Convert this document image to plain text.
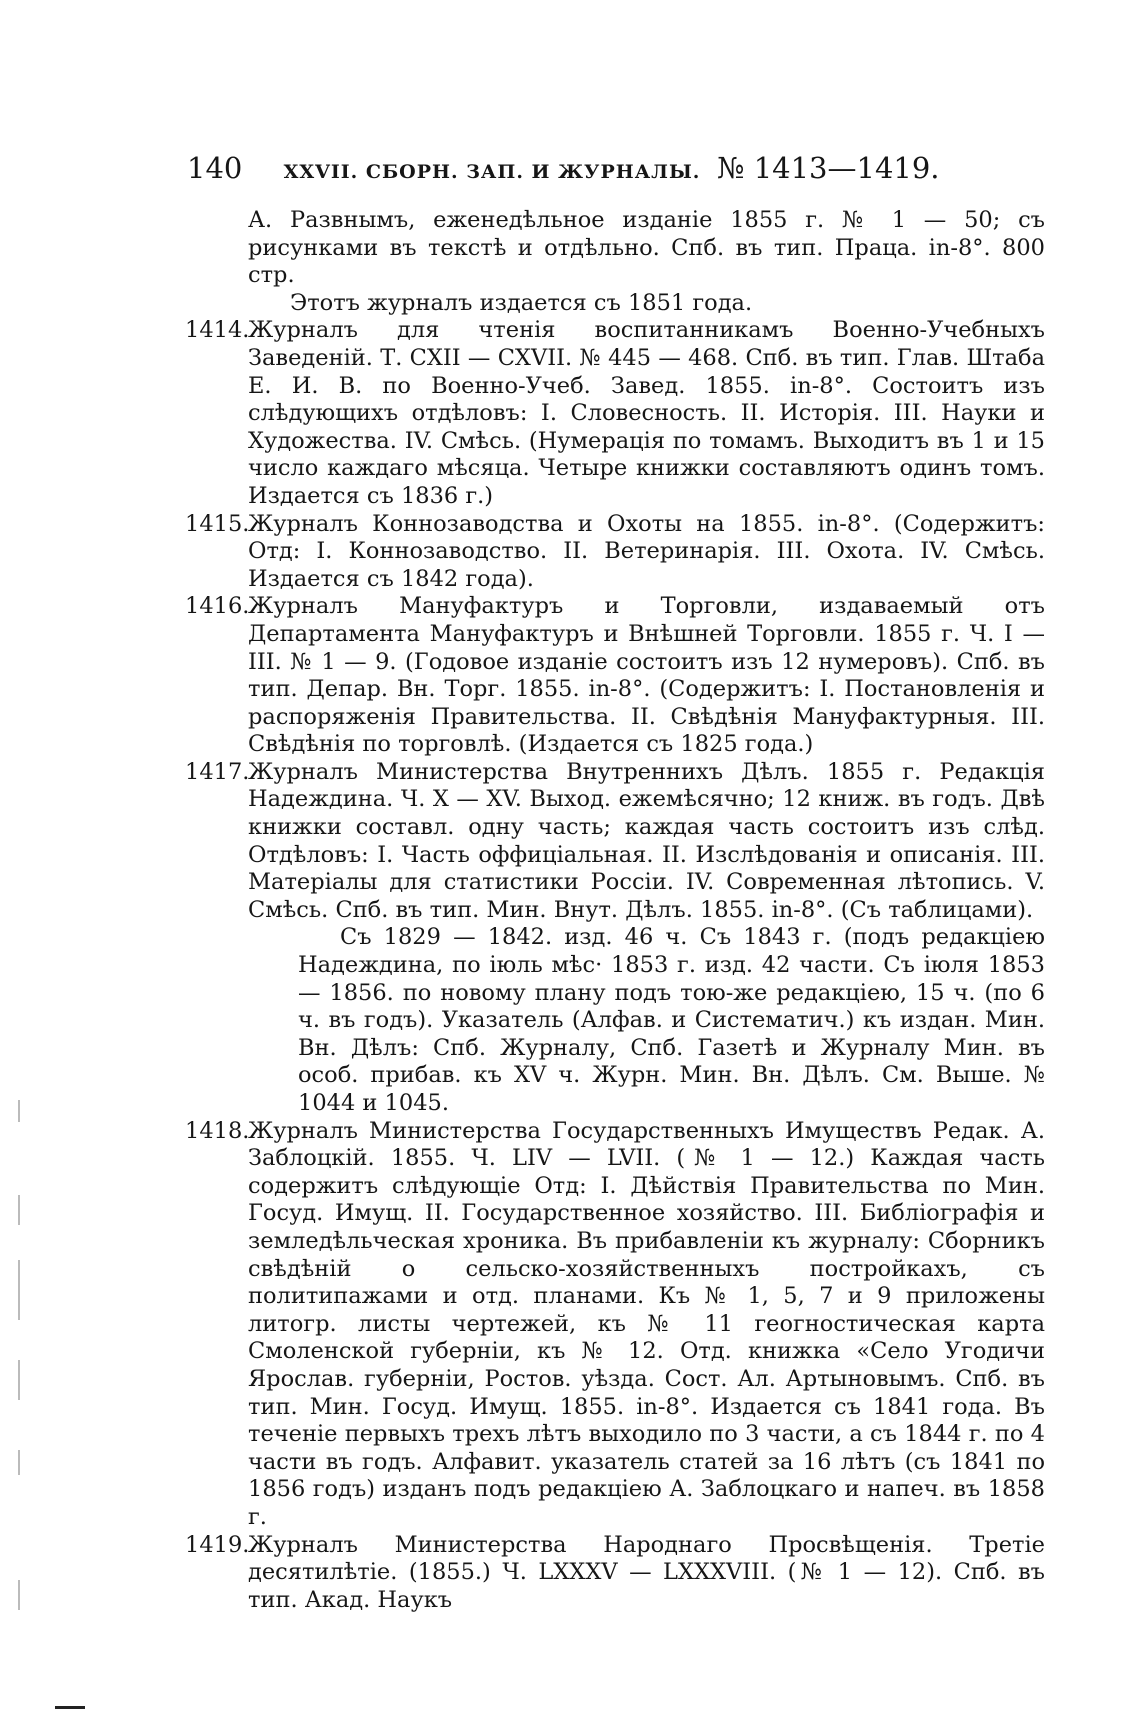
140 XXVII. СБОРН. ЗАП. И ЖУРНАЛЫ. № 1413—1419.

А. Развнымъ, еженедѣльное изданіе 1855 г. № 1 — 50; съ рисунками въ текстѣ и отдѣльно. Спб. въ тип. Праца. in-8°. 800 стр.

Этотъ журналъ издается съ 1851 года.

1414.

Журналъ для чтенія воспитанникамъ Военно-Учебныхъ Заведеній. Т. CXII — CXVII. № 445 — 468. Спб. въ тип. Глав. Штаба Е. И. В. по Военно-Учеб. Завед. 1855. in-8°. Состоитъ изъ слѣдующихъ отдѣловъ: I. Словесность. II. Исторія. III. Науки и Художества. IV. Смѣсь. (Нумерація по томамъ. Выходитъ въ 1 и 15 число каждаго мѣсяца. Четыре книжки составляютъ одинъ томъ. Издается съ 1836 г.)

1415.

Журналъ Коннозаводства и Охоты на 1855. in-8°. (Содержитъ: Отд: I. Коннозаводство. II. Ветеринарія. III. Охота. IV. Смѣсь. Издается съ 1842 года).

1416.

Журналъ Мануфактуръ и Торговли, издаваемый отъ Департамента Мануфактуръ и Внѣшней Торговли. 1855 г. Ч. I — III. № 1 — 9. (Годовое изданіе состоитъ изъ 12 нумеровъ). Спб. въ тип. Депар. Вн. Торг. 1855. in-8°. (Содержитъ: I. Постановленія и распоряженія Правительства. II. Свѣдѣнія Мануфактурныя. III. Свѣдѣнія по торговлѣ. (Издается съ 1825 года.)

1417.

Журналъ Министерства Внутреннихъ Дѣлъ. 1855 г. Редакція Надеждина. Ч. X — XV. Выход. ежемѣсячно; 12 книж. въ годъ. Двѣ книжки составл. одну часть; каждая часть состоитъ изъ слѣд. Отдѣловъ: I. Часть оффиціальная. II. Изслѣдованія и описанія. III. Матеріалы для статистики Россіи. IV. Современная лѣтопись. V. Смѣсь. Спб. въ тип. Мин. Внут. Дѣлъ. 1855. in-8°. (Съ таблицами).

Съ 1829 — 1842. изд. 46 ч. Съ 1843 г. (подъ редакціею Надеждина, по іюль мѣс· 1853 г. изд. 42 части. Съ іюля 1853 — 1856. по новому плану подъ тою-же редакціею, 15 ч. (по 6 ч. въ годъ). Указатель (Алфав. и Систематич.) къ издан. Мин. Вн. Дѣлъ: Спб. Журналу, Спб. Газетѣ и Журналу Мин. въ особ. прибав. къ XV ч. Журн. Мин. Вн. Дѣлъ. См. Выше. № 1044 и 1045.

1418.

Журналъ Министерства Государственныхъ Имуществъ Редак. А. Заблоцкій. 1855. Ч. LIV — LVII. (№ 1 — 12.) Каждая часть содержитъ слѣдующіе Отд: I. Дѣйствія Правительства по Мин. Госуд. Имущ. II. Государственное хозяйство. III. Библіографія и земледѣльческая хроника. Въ прибавленіи къ журналу: Сборникъ свѣдѣній о сельско-хозяйственныхъ постройкахъ, съ политипажами и отд. планами. Къ № 1, 5, 7 и 9 приложены литогр. листы чертежей, къ № 11 геогностическая карта Смоленской губерніи, къ № 12. Отд. книжка «Село Угодичи Ярослав. губерніи, Ростов. уѣзда. Сост. Ал. Артыновымъ. Спб. въ тип. Мин. Госуд. Имущ. 1855. in-8°. Издается съ 1841 года. Въ теченіе первыхъ трехъ лѣтъ выходило по 3 части, а съ 1844 г. по 4 части въ годъ. Алфавит. указатель статей за 16 лѣтъ (съ 1841 по 1856 годъ) изданъ подъ редакціею А. Заблоцкаго и напеч. въ 1858 г.

1419.

Журналъ Министерства Народнаго Просвѣщенія. Третіе десятилѣтіе. (1855.) Ч. LXXXV — LXXXVIII. (№ 1 — 12). Спб. въ тип. Акад. Наукъ
